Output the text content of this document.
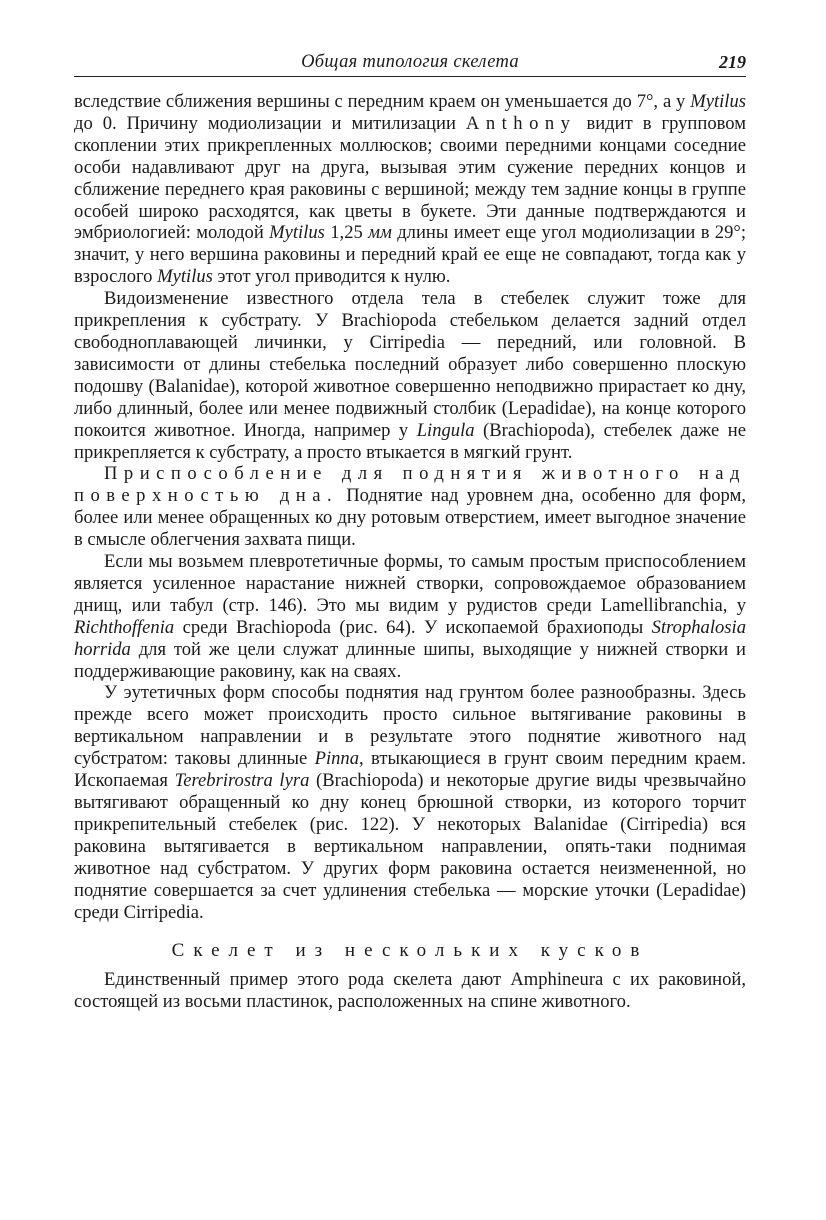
Общая типология скелета	219

вследствие сближения вершины с передним краем он уменьшается до 7°, а у Mytilus до 0. Причину модиолизации и митилизации Anthony видит в групповом скоплении этих прикрепленных моллюсков; своими передними концами соседние особи надавливают друг на друга, вызывая этим сужение передних концов и сближение переднего края раковины с вершиной; между тем задние концы в группе особей широко расходятся, как цветы в букете. Эти данные подтверждаются и эмбриологией: молодой Mytilus 1,25 мм длины имеет еще угол модиолизации в 29°; значит, у него вершина раковины и передний край ее еще не совпадают, тогда как у взрослого Mytilus этот угол приводится к нулю.

Видоизменение известного отдела тела в стебелек служит тоже для прикрепления к субстрату. У Brachiopoda стебельком делается задний отдел свободноплавающей личинки, у Cirripedia — передний, или головной. В зависимости от длины стебелька последний образует либо совершенно плоскую подошву (Balanidae), которой животное совершенно неподвижно прирастает ко дну, либо длинный, более или менее подвижный столбик (Lepadidae), на конце которого покоится животное. Иногда, например у Lingula (Brachiopoda), стебелек даже не прикрепляется к субстрату, а просто втыкается в мягкий грунт.

Приспособление для поднятия животного над поверхностью дна. Поднятие над уровнем дна, особенно для форм, более или менее обращенных ко дну ротовым отверстием, имеет выгодное значение в смысле облегчения захвата пищи.

Если мы возьмем плевротетичные формы, то самым простым приспособлением является усиленное нарастание нижней створки, сопровождаемое образованием днищ, или табул (стр. 146). Это мы видим у рудистов среди Lamellibranchia, у Richthoffenia среди Brachiopoda (рис. 64). У ископаемой брахиоподы Strophalosia horrida для той же цели служат длинные шипы, выходящие у нижней створки и поддерживающие раковину, как на сваях.

У эутетичных форм способы поднятия над грунтом более разнообразны. Здесь прежде всего может происходить просто сильное вытягивание раковины в вертикальном направлении и в результате этого поднятие животного над субстратом: таковы длинные Pinna, втыкающиеся в грунт своим передним краем. Ископаемая Terebrirostra lyra (Brachiopoda) и некоторые другие виды чрезвычайно вытягивают обращенный ко дну конец брюшной створки, из которого торчит прикрепительный стебелек (рис. 122). У некоторых Balanidae (Cirripedia) вся раковина вытягивается в вертикальном направлении, опять-таки поднимая животное над субстратом. У других форм раковина остается неизмененной, но поднятие совершается за счет удлинения стебелька — морские уточки (Lepadidae) среди Cirripedia.

Скелет из нескольких кусков

Единственный пример этого рода скелета дают Amphineura с их раковиной, состоящей из восьми пластинок, расположенных на спине животного.
